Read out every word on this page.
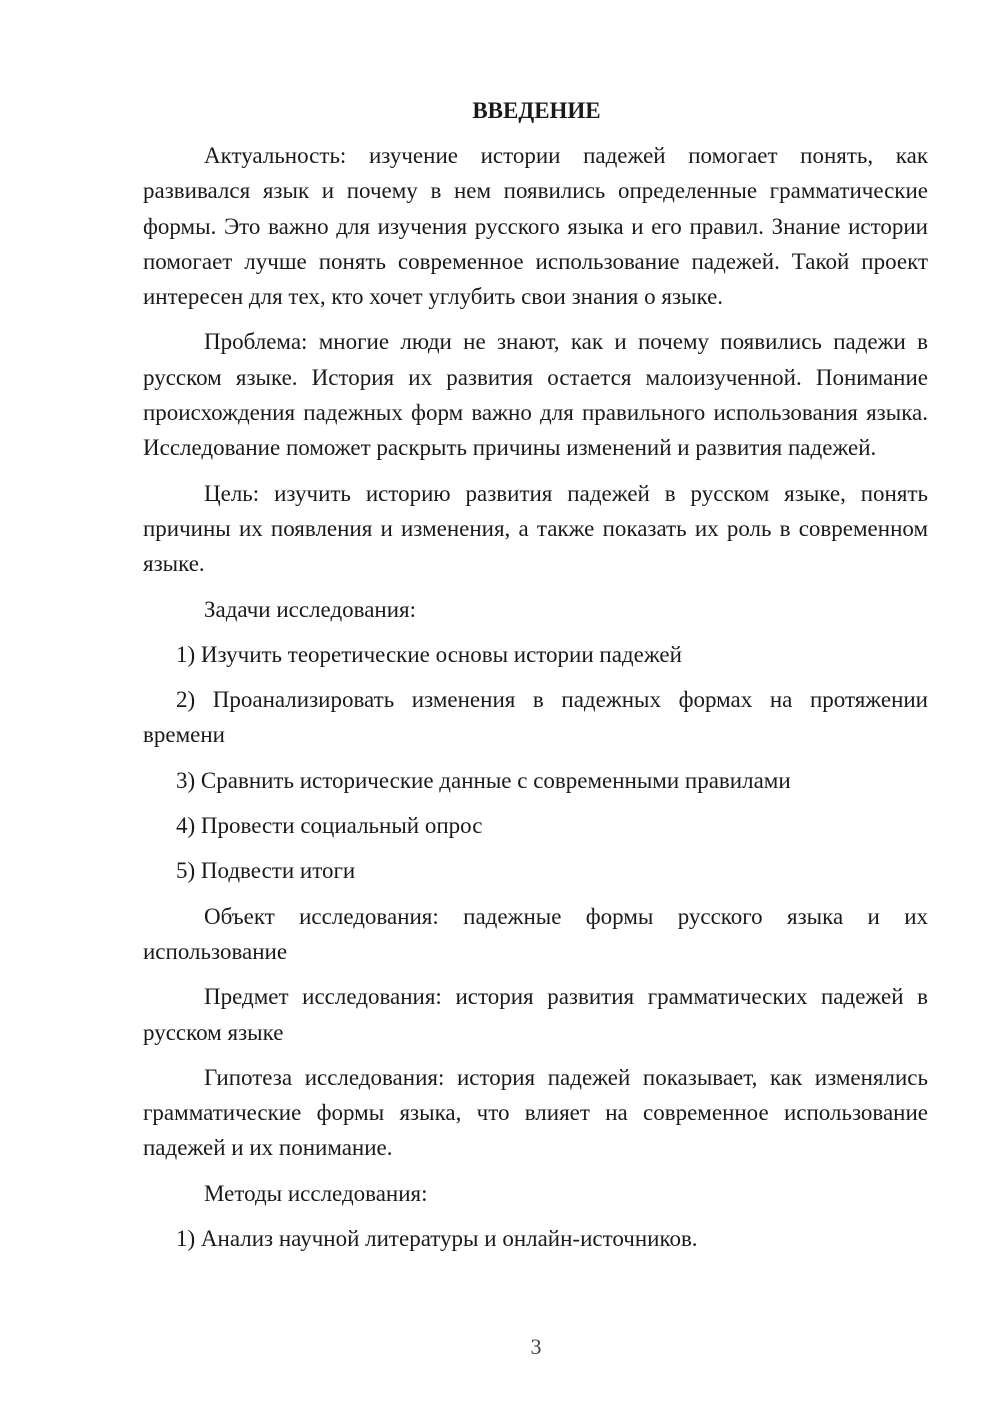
ВВЕДЕНИЕ

Актуальность: изучение истории падежей помогает понять, как развивался язык и почему в нем появились определенные грамматические формы. Это важно для изучения русского языка и его правил. Знание истории помогает лучше понять современное использование падежей. Такой проект интересен для тех, кто хочет углубить свои знания о языке.

Проблема: многие люди не знают, как и почему появились падежи в русском языке. История их развития остается малоизученной. Понимание происхождения падежных форм важно для правильного использования языка. Исследование поможет раскрыть причины изменений и развития падежей.

Цель: изучить историю развития падежей в русском языке, понять причины их появления и изменения, а также показать их роль в современном языке.

Задачи исследования:

1) Изучить теоретические основы истории падежей

2) Проанализировать изменения в падежных формах на протяжении времени

3) Сравнить исторические данные с современными правилами

4) Провести социальный опрос

5) Подвести итоги

Объект исследования: падежные формы русского языка и их использование

Предмет исследования: история развития грамматических падежей в русском языке

Гипотеза исследования: история падежей показывает, как изменялись грамматические формы языка, что влияет на современное использование падежей и их понимание.

Методы исследования:

1) Анализ научной литературы и онлайн-источников.

3
